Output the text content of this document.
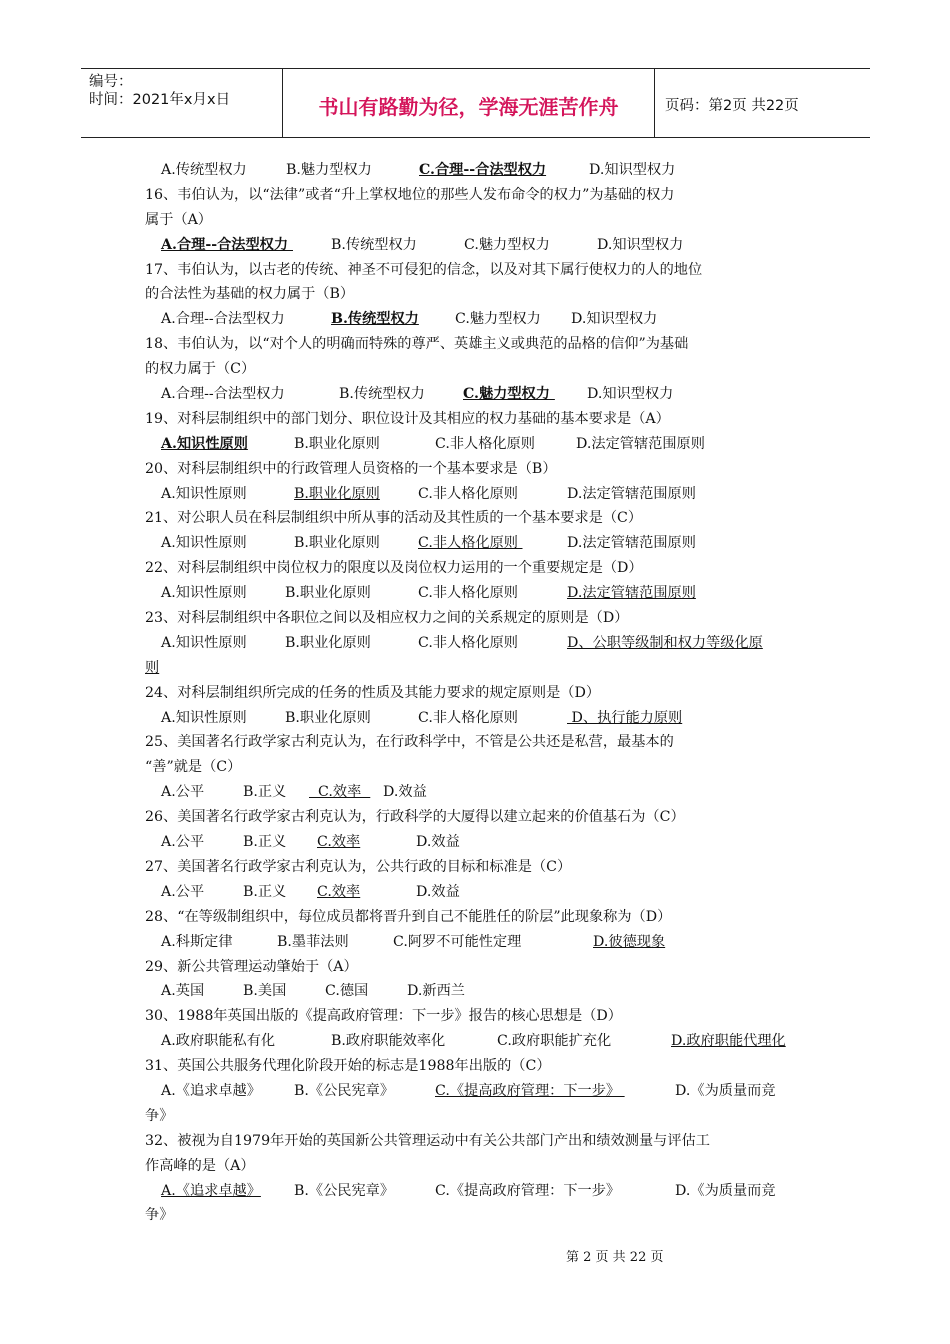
编号：
时间：2021年x月x日	书山有路勤为径，学海无涯苦作舟	页码：第2页 共22页
A.传统型权力	B.魅力型权力	C.合理--合法型权力	D.知识型权力
16、韦伯认为，以“法律”或者“升上掌权地位的那些人发布命令的权力”为基础的权力
属于（A）
A.合理--合法型权力	B.传统型权力	C.魅力型权力	D.知识型权力
17、韦伯认为，以古老的传统、神圣不可侵犯的信念，以及对其下属行使权力的人的地位
的合法性为基础的权力属于（B）
A.合理--合法型权力	B.传统型权力	C.魅力型权力 D.知识型权力
18、韦伯认为，以“对个人的明确而特殊的尊严、英雄主义或典范的品格的信仰”为基础
的权力属于（C）
A.合理--合法型权力	B.传统型权力	C.魅力型权力 D.知识型权力
19、对科层制组织中的部门划分、职位设计及其相应的权力基础的基本要求是（A）
A.知识性原则	B.职业化原则	C.非人格化原则	D.法定管辖范围原则
20、对科层制组织中的行政管理人员资格的一个基本要求是（B）
A.知识性原则	B.职业化原则	C.非人格化原则	D.法定管辖范围原则
21、对公职人员在科层制组织中所从事的活动及其性质的一个基本要求是（C）
A.知识性原则	B.职业化原则	C.非人格化原则	D.法定管辖范围原则
22、对科层制组织中岗位权力的限度以及岗位权力运用的一个重要规定是（D）
A.知识性原则	B.职业化原则	C.非人格化原则	D.法定管辖范围原则
23、对科层制组织中各职位之间以及相应权力之间的关系规定的原则是（D）
A.知识性原则	B.职业化原则	C.非人格化原则	D、公职等级制和权力等级化原
则
24、对科层制组织所完成的任务的性质及其能力要求的规定原则是（D）
A.知识性原则	B.职业化原则	C.非人格化原则	D、执行能力原则
25、美国著名行政学家古利克认为，在行政科学中，不管是公共还是私营，最基本的
“善”就是（C）
A.公平	B.正义  C.效率  D.效益
26、美国著名行政学家古利克认为，行政科学的大厦得以建立起来的价值基石为（C）
A.公平	B.正义 C.效率	D.效益
27、美国著名行政学家古利克认为，公共行政的目标和标准是（C）
A.公平	B.正义 C.效率	D.效益
28、“在等级制组织中，每位成员都将晋升到自己不能胜任的阶层”此现象称为（D）
A.科斯定律	B.墨菲法则	C.阿罗不可能性定理	D.彼德现象
29、新公共管理运动肇始于（A）
A.英国	B.美国	C.德国	D.新西兰
30、1988年英国出版的《提高政府管理：下一步》报告的核心思想是（D）
A.政府职能私有化	B.政府职能效率化	C.政府职能扩充化	D.政府职能代理化
31、英国公共服务代理化阶段开始的标志是1988年出版的（C）
A.《追求卓越》 B.《公民宪章》	C.《提高政府管理：下一步》	D.《为质量而竞
争》
32、被视为自1979年开始的英国新公共管理运动中有关公共部门产出和绩效测量与评估工
作高峰的是（A）
A.《追求卓越》 B.《公民宪章》	C.《提高政府管理：下一步》	D.《为质量而竞
争》
第 2 页 共 22 页
